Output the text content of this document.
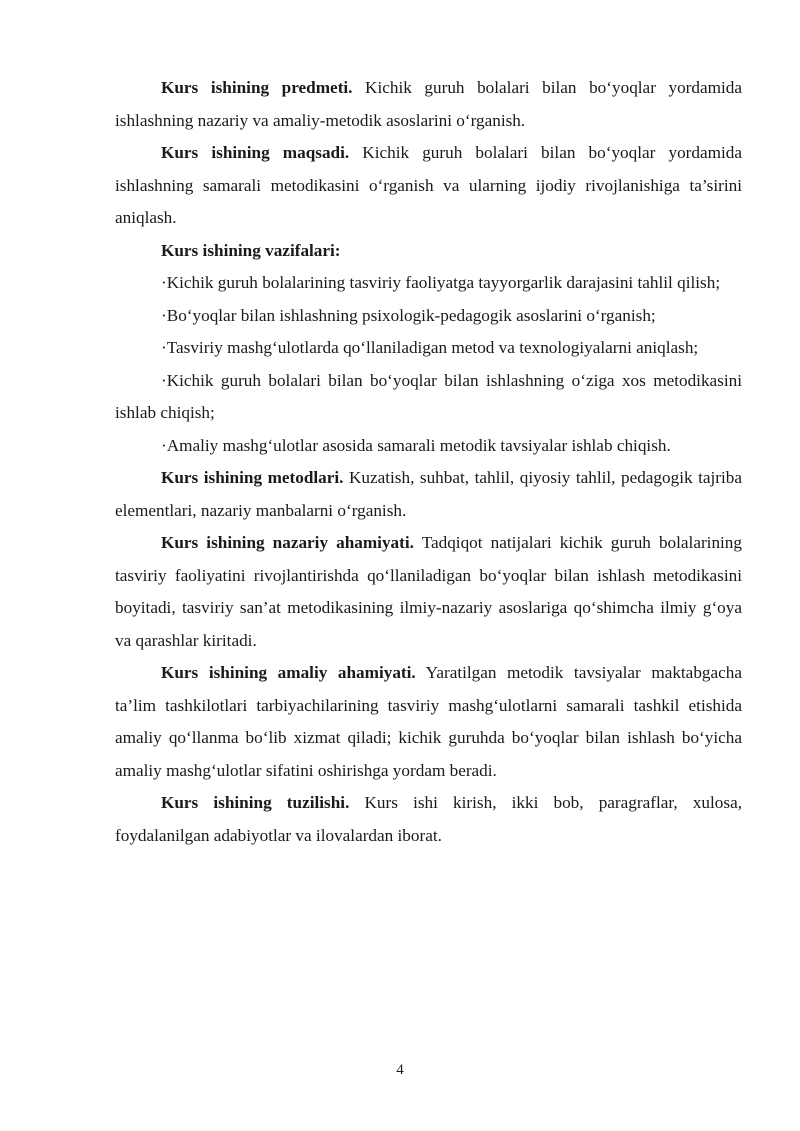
Kurs ishining predmeti. Kichik guruh bolalari bilan bo‘yoqlar yordamida ishlashning nazariy va amaliy-metodik asoslarini o‘rganish.

Kurs ishining maqsadi. Kichik guruh bolalari bilan bo‘yoqlar yordamida ishlashning samarali metodikasini o‘rganish va ularning ijodiy rivojlanishiga ta’sirini aniqlash.

Kurs ishining vazifalari:

·Kichik guruh bolalarining tasviriy faoliyatga tayyorgarlik darajasini tahlil qilish;

·Bo‘yoqlar bilan ishlashning psixologik-pedagogik asoslarini o‘rganish;

·Tasviriy mashg‘ulotlarda qo‘llaniladigan metod va texnologiyalarni aniqlash;

·Kichik guruh bolalari bilan bo‘yoqlar bilan ishlashning o‘ziga xos metodikasini ishlab chiqish;

·Amaliy mashg‘ulotlar asosida samarali metodik tavsiyalar ishlab chiqish.

Kurs ishining metodlari. Kuzatish, suhbat, tahlil, qiyosiy tahlil, pedagogik tajriba elementlari, nazariy manbalarni o‘rganish.

Kurs ishining nazariy ahamiyati. Tadqiqot natijalari kichik guruh bolalarining tasviriy faoliyatini rivojlantirishda qo‘llaniladigan bo‘yoqlar bilan ishlash metodikasini boyitadi, tasviriy san’at metodikasining ilmiy-nazariy asoslariga qo‘shimcha ilmiy g‘oya va qarashlar kiritadi.

Kurs ishining amaliy ahamiyati. Yaratilgan metodik tavsiyalar maktabgacha ta’lim tashkilotlari tarbiyachilarining tasviriy mashg‘ulotlarni samarali tashkil etishida amaliy qo‘llanma bo‘lib xizmat qiladi; kichik guruhda bo‘yoqlar bilan ishlash bo‘yicha amaliy mashg‘ulotlar sifatini oshirishga yordam beradi.

Kurs ishining tuzilishi. Kurs ishi kirish, ikki bob, paragraflar, xulosa, foydalanilgan adabiyotlar va ilovalardan iborat.

4
